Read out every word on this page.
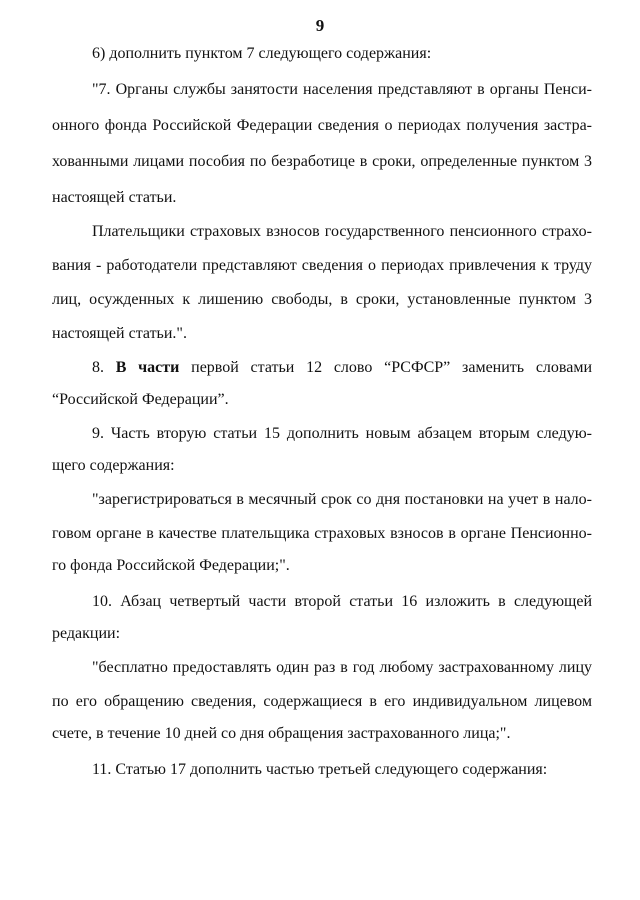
9
6) дополнить пунктом 7 следующего содержания:
"7. Органы службы занятости населения представляют в органы Пенси-
онного фонда Российской Федерации сведения о периодах получения застра-
хованными лицами пособия по безработице в сроки, определенные пунктом 3
настоящей статьи.
Плательщики страховых взносов государственного пенсионного страхо-
вания - работодатели представляют сведения о периодах привлечения к труду
лиц, осужденных к лишению свободы, в сроки, установленные пунктом 3
настоящей статьи.".
8. В части первой статьи 12 слово “РСФСР” заменить словами
“Российской Федерации”.
9. Часть вторую статьи 15 дополнить новым абзацем вторым следую-
щего содержания:
"зарегистрироваться в месячный срок со дня постановки на учет в нало-
говом органе в качестве плательщика страховых взносов в органе Пенсионно-
го фонда Российской Федерации;".
10. Абзац четвертый части второй статьи 16 изложить в следующей
редакции:
"бесплатно предоставлять один раз в год любому застрахованному лицу
по его обращению сведения, содержащиеся в его индивидуальном лицевом
счете, в течение 10 дней со дня обращения застрахованного лица;".
11. Статью 17 дополнить частью третьей следующего содержания:
